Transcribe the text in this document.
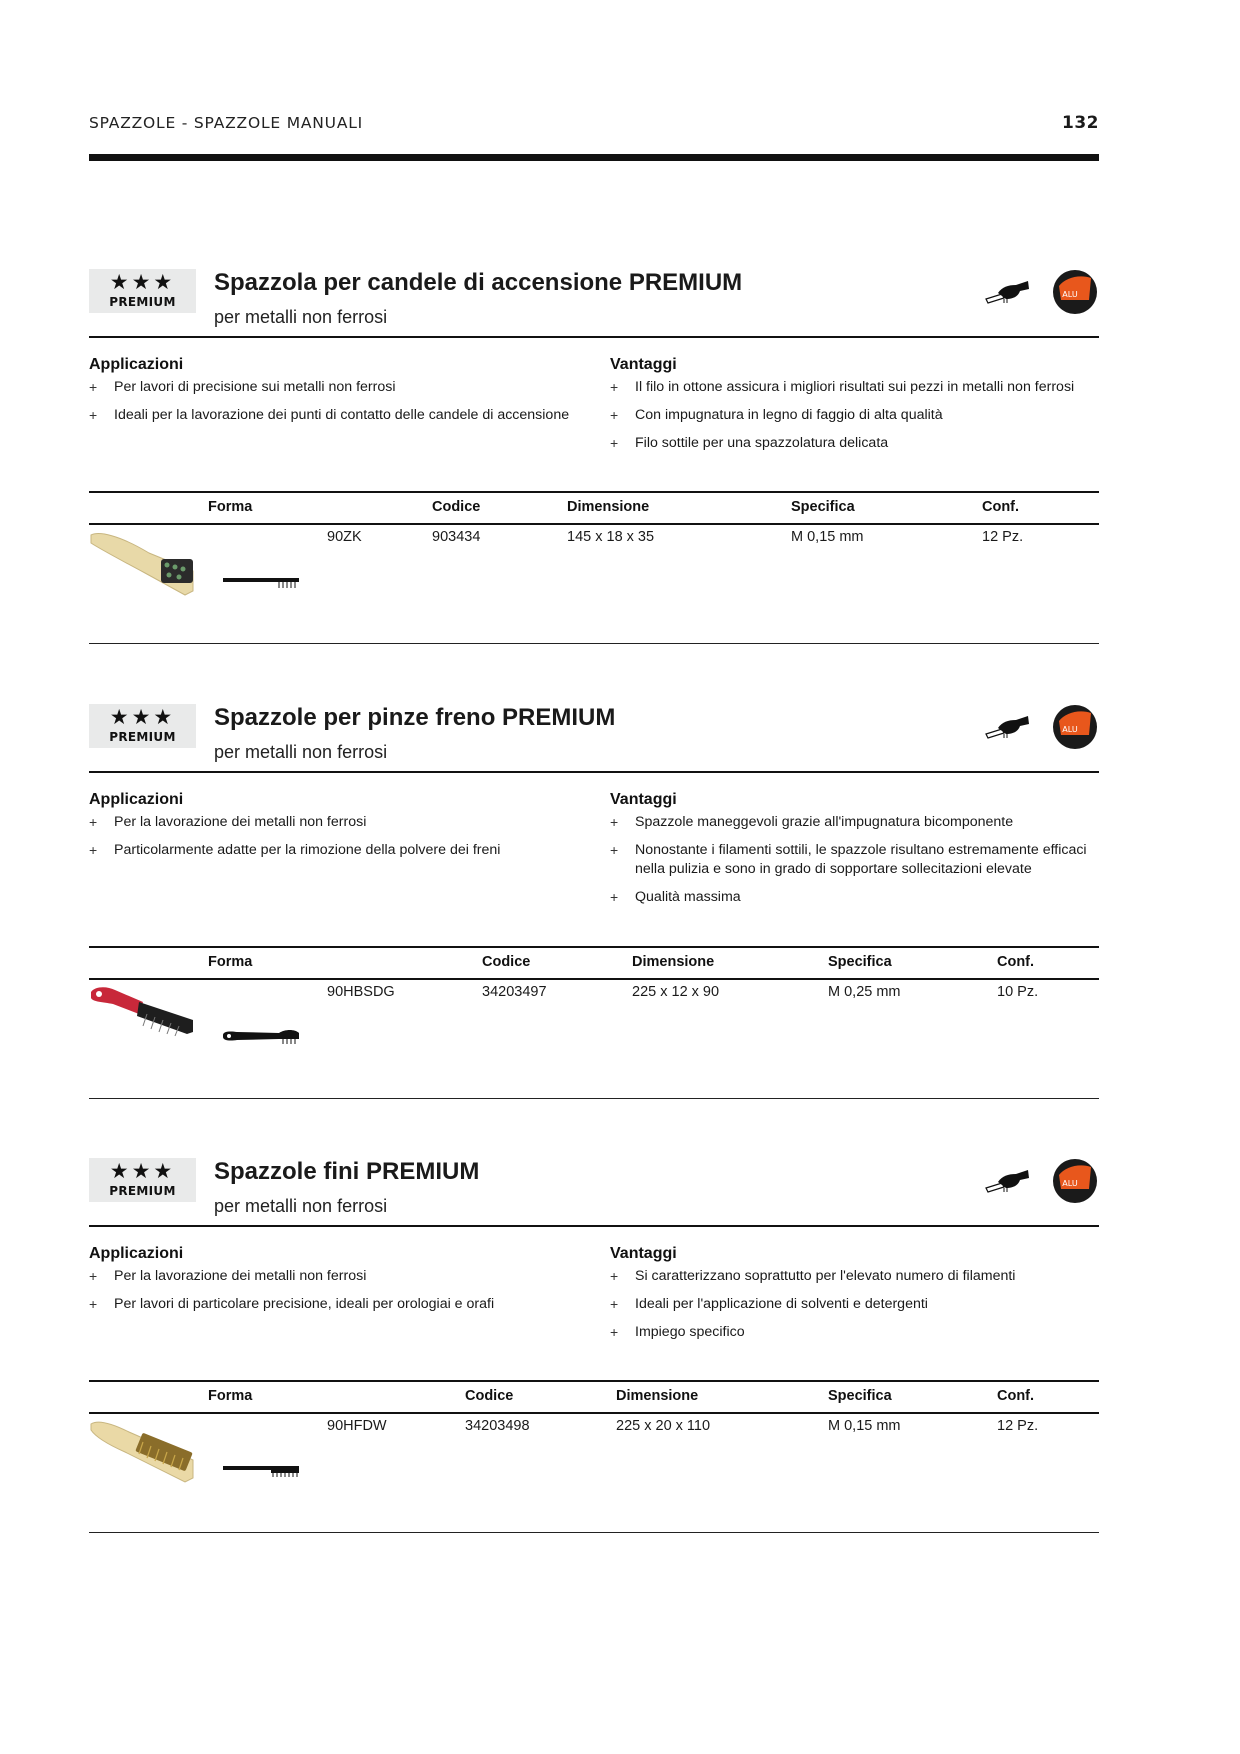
SPAZZOLE - SPAZZOLE MANUALI	132
★★★
PREMIUM
Spazzola per candele di accensione PREMIUM
per metalli non ferrosi
ALU
Applicazioni
+ Per lavori di precisione sui metalli non ferrosi
+ Ideali per la lavorazione dei punti di contatto delle candele di accensione
Vantaggi
+ Il filo in ottone assicura i migliori risultati sui pezzi in metalli non ferrosi
+ Con impugnatura in legno di faggio di alta qualità
+ Filo sottile per una spazzolatura delicata
Forma	Codice	Dimensione	Specifica	Conf.
90ZK	903434	145 x 18 x 35	M 0,15 mm	12 Pz.
★★★
PREMIUM
Spazzole per pinze freno PREMIUM
per metalli non ferrosi
ALU
Applicazioni
+ Per la lavorazione dei metalli non ferrosi
+ Particolarmente adatte per la rimozione della polvere dei freni
Vantaggi
+ Spazzole maneggevoli grazie all'impugnatura bicomponente
+ Nonostante i filamenti sottili, le spazzole risultano estremamente efficaci nella pulizia e sono in grado di sopportare sollecitazioni elevate
+ Qualità massima
Forma	Codice	Dimensione	Specifica	Conf.
90HBSDG	34203497	225 x 12 x 90	M 0,25 mm	10 Pz.
★★★
PREMIUM
Spazzole fini PREMIUM
per metalli non ferrosi
ALU
Applicazioni
+ Per la lavorazione dei metalli non ferrosi
+ Per lavori di particolare precisione, ideali per orologiai e orafi
Vantaggi
+ Si caratterizzano soprattutto per l'elevato numero di filamenti
+ Ideali per l'applicazione di solventi e detergenti
+ Impiego specifico
Forma	Codice	Dimensione	Specifica	Conf.
90HFDW	34203498	225 x 20 x 110	M 0,15 mm	12 Pz.
